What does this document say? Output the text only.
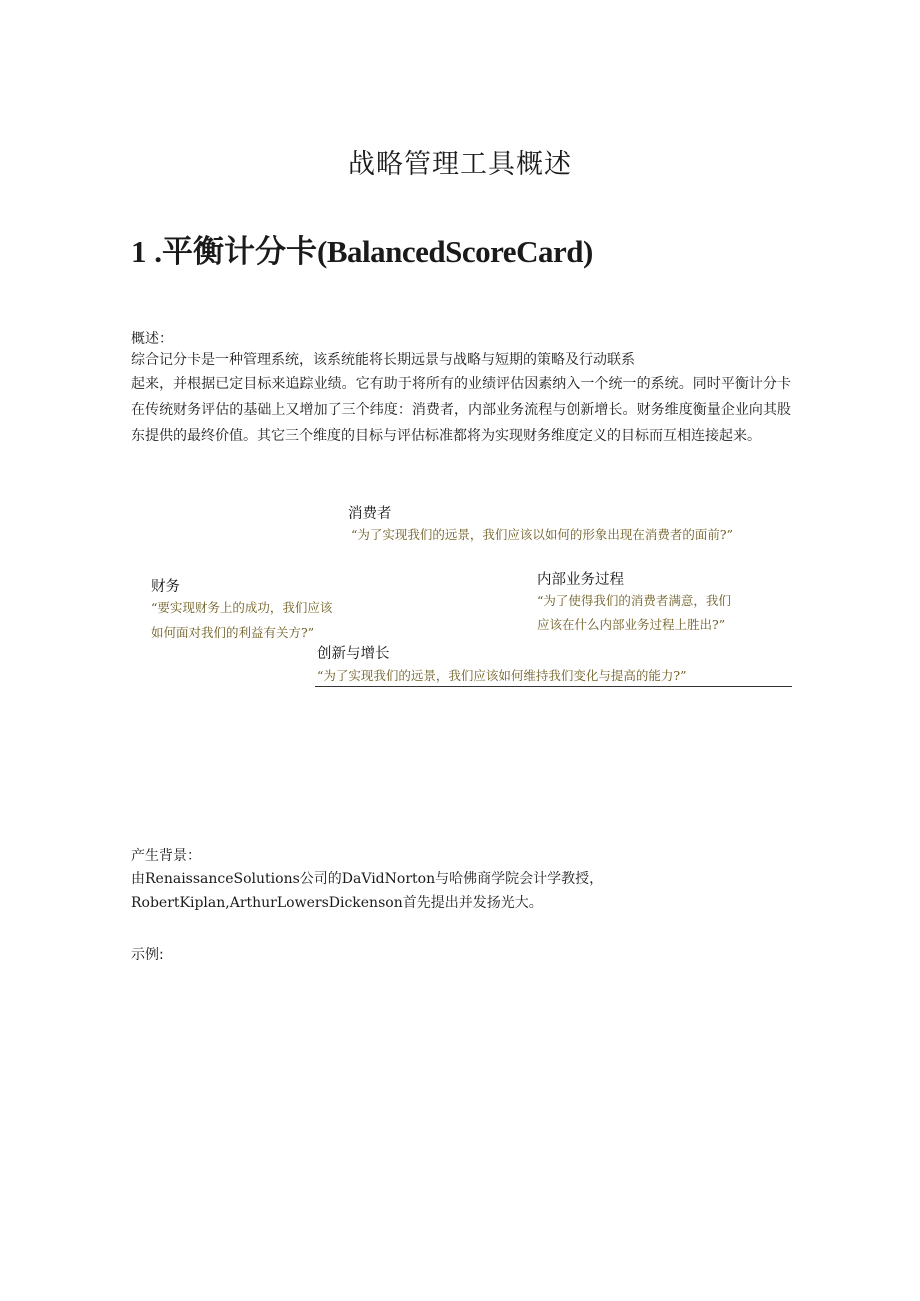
战略管理工具概述
1 .平衡计分卡(BalancedScoreCard)
概述：
综合记分卡是一种管理系统，该系统能将长期远景与战略与短期的策略及行动联系
起来，并根据已定目标来追踪业绩。它有助于将所有的业绩评估因素纳入一个统一的系统。同时平衡计分卡在传统财务评估的基础上又增加了三个纬度：消费者，内部业务流程与创新增长。财务维度衡量企业向其股东提供的最终价值。其它三个维度的目标与评估标准都将为实现财务维度定义的目标而互相连接起来。
消费者
“为了实现我们的远景，我们应该以如何的形象出现在消费者的面前?”
财务
“要实现财务上的成功，我们应该
如何面对我们的利益有关方?”
内部业务过程
“为了使得我们的消费者满意，我们
应该在什么内部业务过程上胜出?”
创新与增长
“为了实现我们的远景，我们应该如何维持我们变化与提高的能力?”
产生背景：
由RenaissanceSolutions公司的DaVidNorton与哈佛商学院会计学教授，
RobertKiplan,ArthurLowersDickenson首先提出并发扬光大。
示例:
